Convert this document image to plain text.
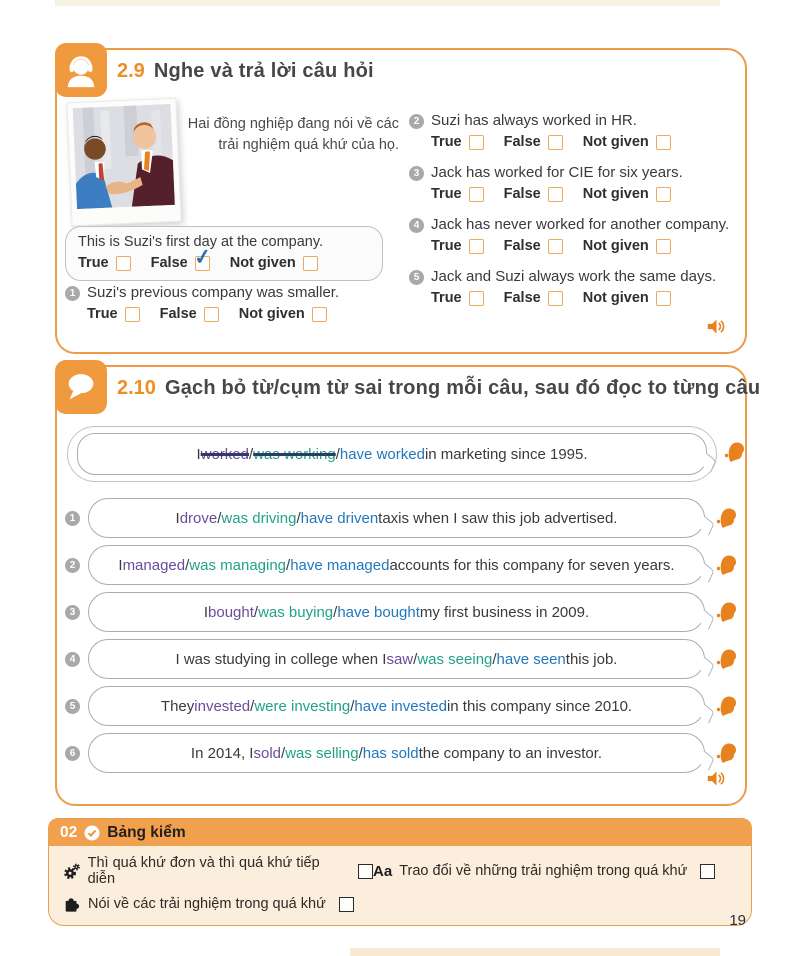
2.9 Nghe và trả lời câu hỏi
Hai đồng nghiệp đang nói về các trải nghiệm quá khứ của họ.
This is Suzi's first day at the company.
True	False ✓ Not given
1 Suzi's previous company was smaller.
True	False	Not given
2 Suzi has always worked in HR.
True	False	Not given
3 Jack has worked for CIE for six years.
True	False	Not given
4 Jack has never worked for another company.
True	False	Not given
5 Jack and Suzi always work the same days.
True	False	Not given
2.10 Gạch bỏ từ/cụm từ sai trong mỗi câu, sau đó đọc to từng câu
I worked / was working / have worked in marketing since 1995.
1	I drove / was driving / have driven taxis when I saw this job advertised.
2	I managed / was managing / have managed accounts for this company for seven years.
3	I bought / was buying / have bought my first business in 2009.
4	I was studying in college when I saw / was seeing / have seen this job.
5	They invested / were investing / have invested in this company since 2010.
6	In 2014, I sold / was selling / has sold the company to an investor.
02 Bảng kiểm
Thì quá khứ đơn và thì quá khứ tiếp diễn	Aa Trao đổi về những trải nghiệm trong quá khứ
Nói về các trải nghiệm trong quá khứ
19
